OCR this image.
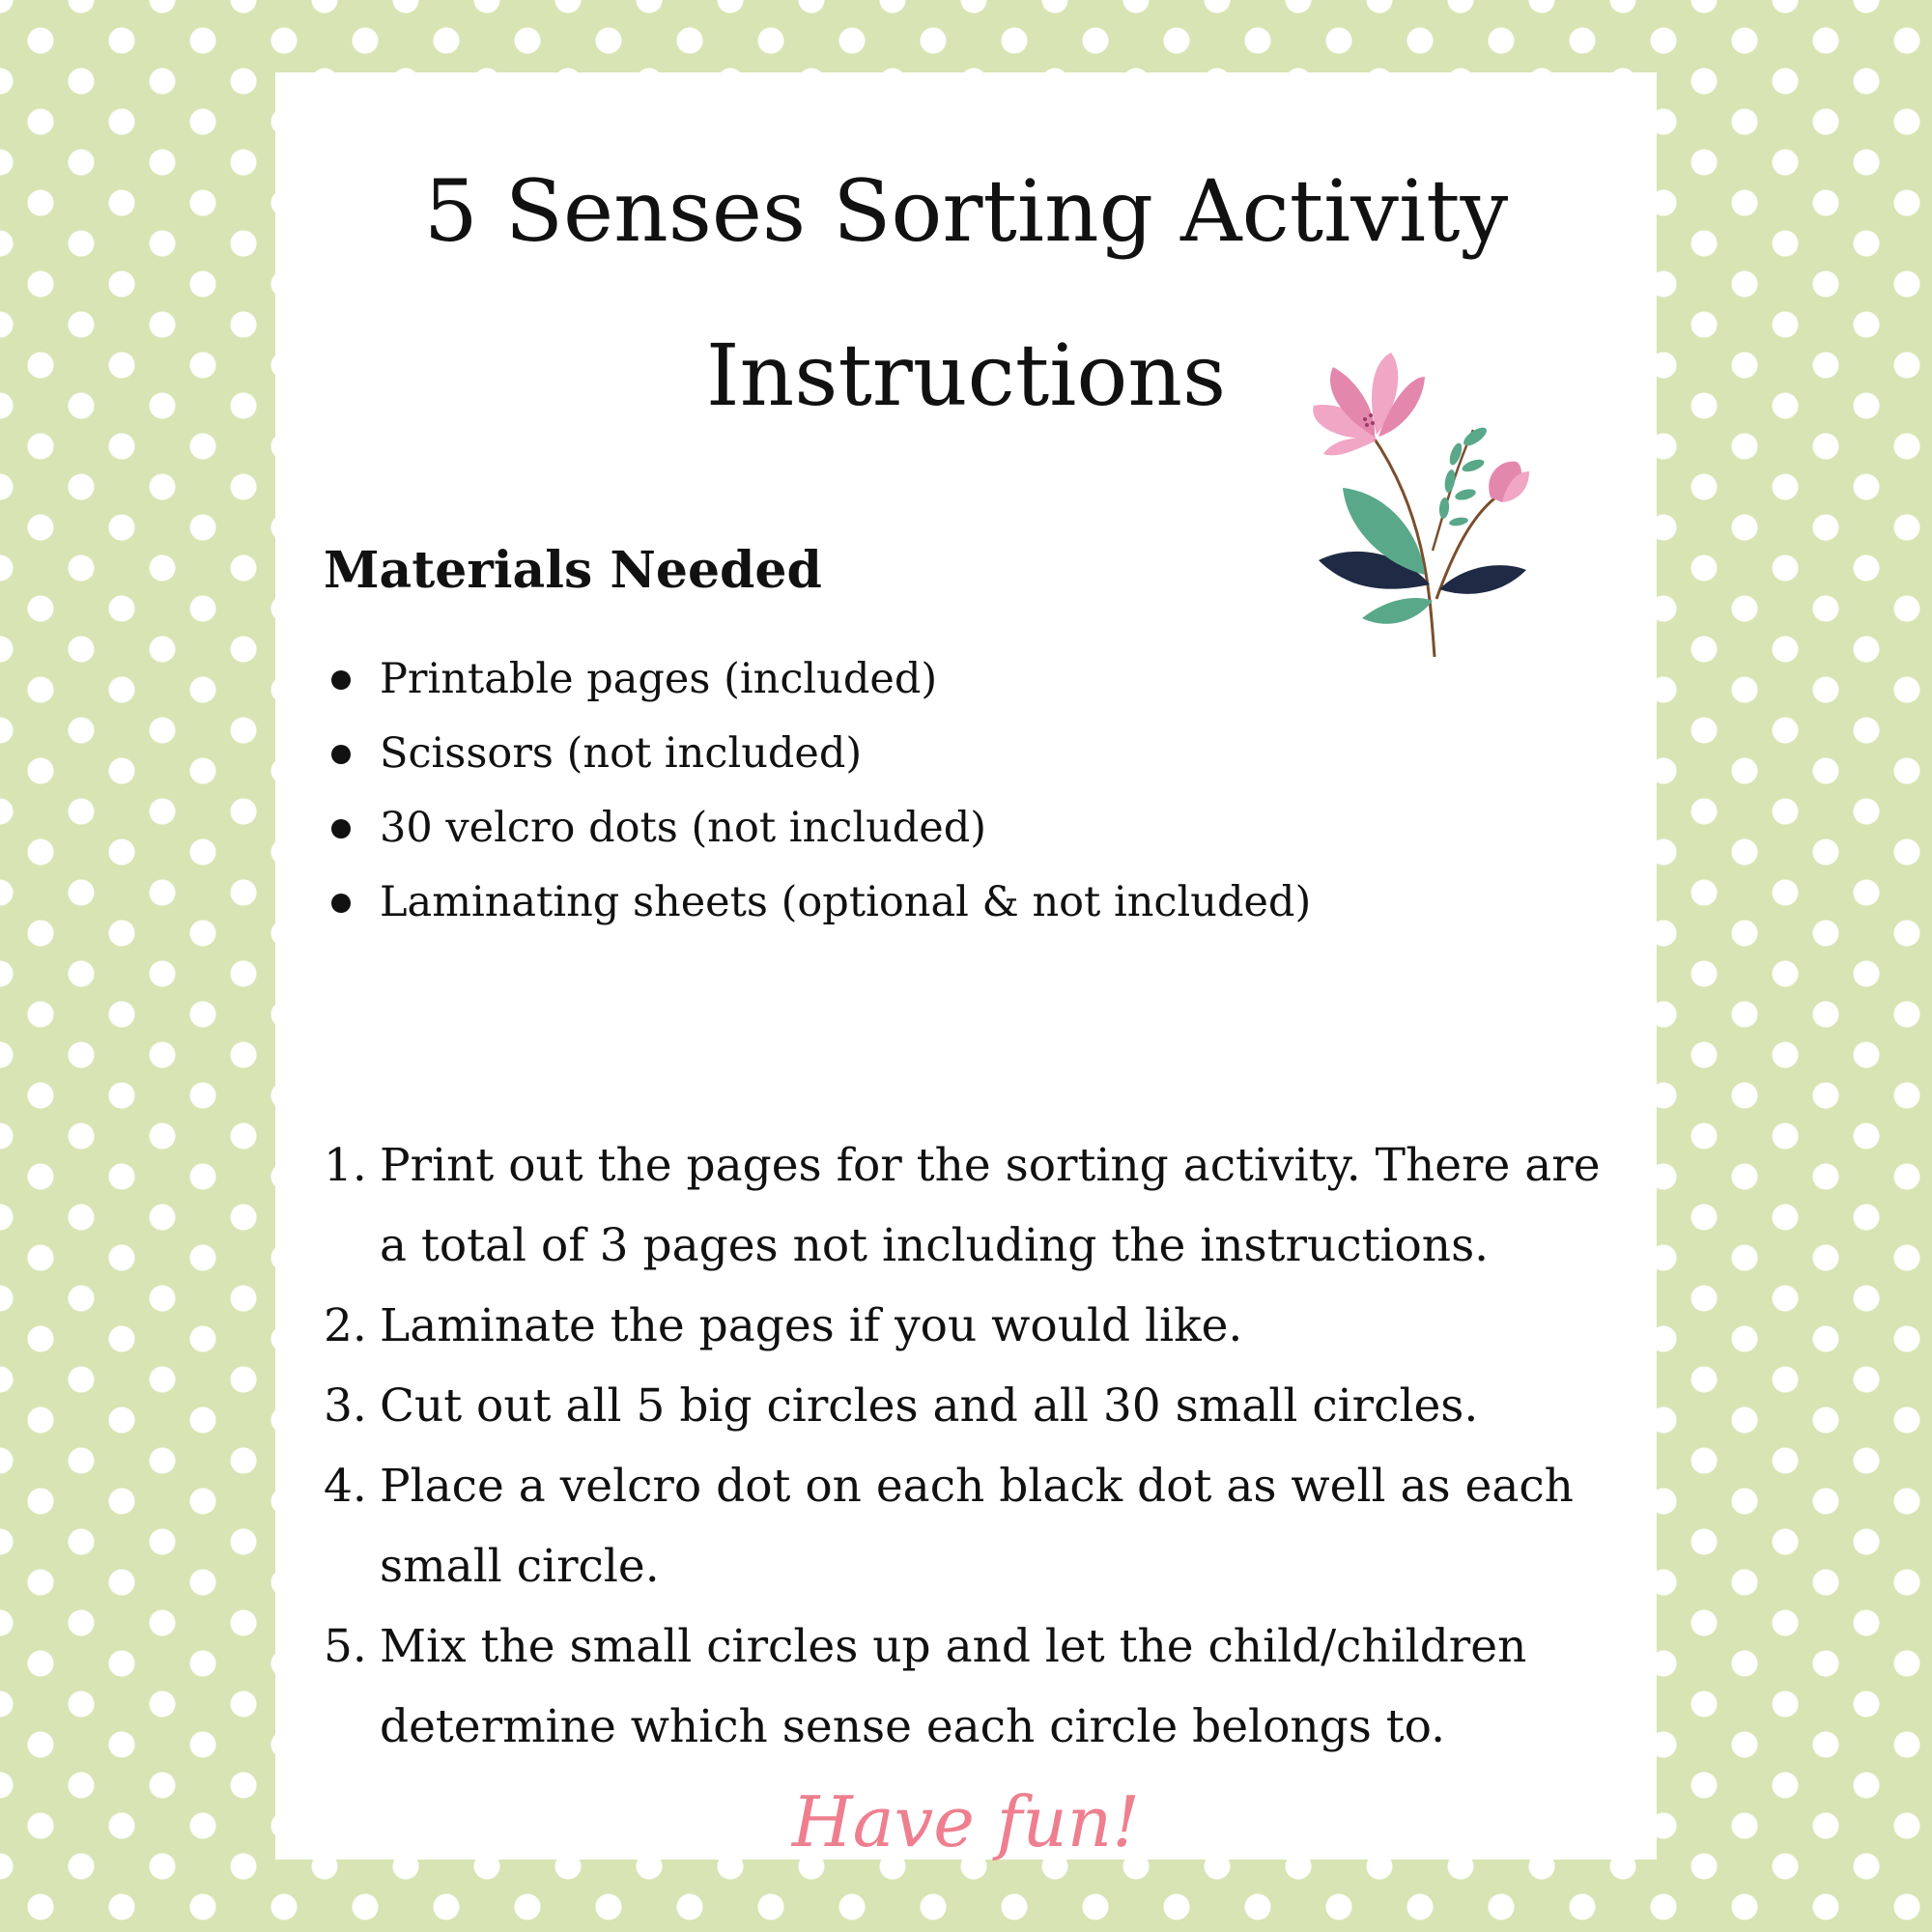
5 Senses Sorting Activity
Instructions
Materials Needed
Printable pages (included)
Scissors (not included)
30 velcro dots (not included)
Laminating sheets (optional & not included)
1. Print out the pages for the sorting activity. There are
a total of 3 pages not including the instructions.
2. Laminate the pages if you would like.
3. Cut out all 5 big circles and all 30 small circles.
4. Place a velcro dot on each black dot as well as each
small circle.
5. Mix the small circles up and let the child/children
determine which sense each circle belongs to.
Have fun!
